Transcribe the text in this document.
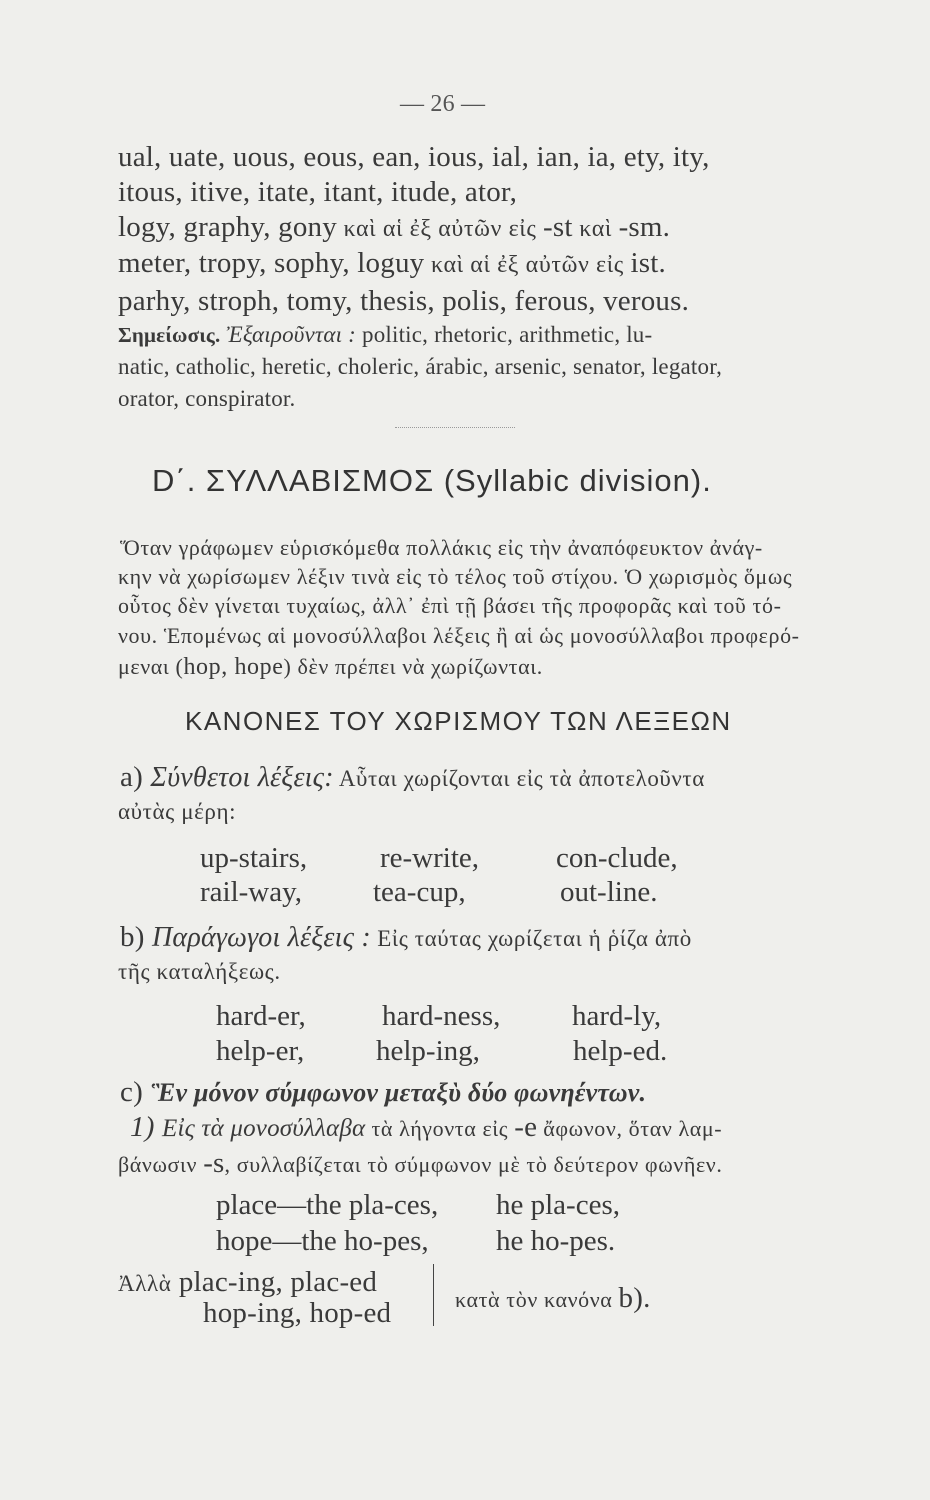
— 26 —
ual, uate, uous, eous, ean, ious, ial, ian, ia, ety, ity,
itous, itive, itate, itant, itude, ator,
logy, graphy, gony καὶ αἱ ἐξ αὐτῶν εἰς -st καὶ -sm.
meter, tropy, sophy, loguy καὶ αἱ ἐξ αὐτῶν εἰς ist.
parhy, stroph, tomy, thesis, polis, ferous, verous.
Σημείωσις. Ἐξαιροῦνται : politic, rhetoric, arithmetic, lu-
natic, catholic, heretic, choleric, árabic, arsenic, senator, legator,
orator, conspirator.
D΄. ΣΥΛΛΑΒΙΣΜΟΣ (Syllabic division).
Ὅταν γράφωμεν εὑρισκόμεθα πολλάκις εἰς τὴν ἀναπόφευκτον ἀνάγ-
κην νὰ χωρίσωμεν λέξιν τινὰ εἰς τὸ τέλος τοῦ στίχου. Ὁ χωρισμὸς ὅμως
οὗτος δὲν γίνεται τυχαίως, ἀλλ᾽ ἐπὶ τῇ βάσει τῆς προφορᾶς καὶ τοῦ τό-
νου. Ἑπομένως αἱ μονοσύλλαβοι λέξεις ἢ αἱ ὡς μονοσύλλαβοι προφερό-
μεναι (hop, hope) δὲν πρέπει νὰ χωρίζωνται.
ΚΑΝΟΝΕΣ ΤΟΥ ΧΩΡΙΣΜΟΥ ΤΩΝ ΛΕΞΕΩΝ
a) Σύνθετοι λέξεις: Αὗται χωρίζονται εἰς τὰ ἀποτελοῦντα
αὐτὰς μέρη:
up-stairs,	re-write,	con-clude,
rail-way, tea-cup,	out-line.
b) Παράγωγοι λέξεις : Εἰς ταύτας χωρίζεται ἡ ῥίζα ἀπὸ
τῆς καταλήξεως.
hard-er,	hard-ness, hard-ly,
help-er, help-ing,	help-ed.
c) Ἓν μόνον σύμφωνον μεταξὺ δύο φωνηέντων.
1) Εἰς τὰ μονοσύλλαβα τὰ λήγοντα εἰς -e ἄφωνον, ὅταν λαμ-
βάνωσιν -s, συλλαβίζεται τὸ σύμφωνον μὲ τὸ δεύτερον φωνῆεν.
place—the pla-ces, he pla-ces,
hope—the ho-pes, he ho-pes.
Ἀλλὰ plac-ing, plac-ed
hop-ing, hop-ed	κατὰ τὸν κανόνα b).
